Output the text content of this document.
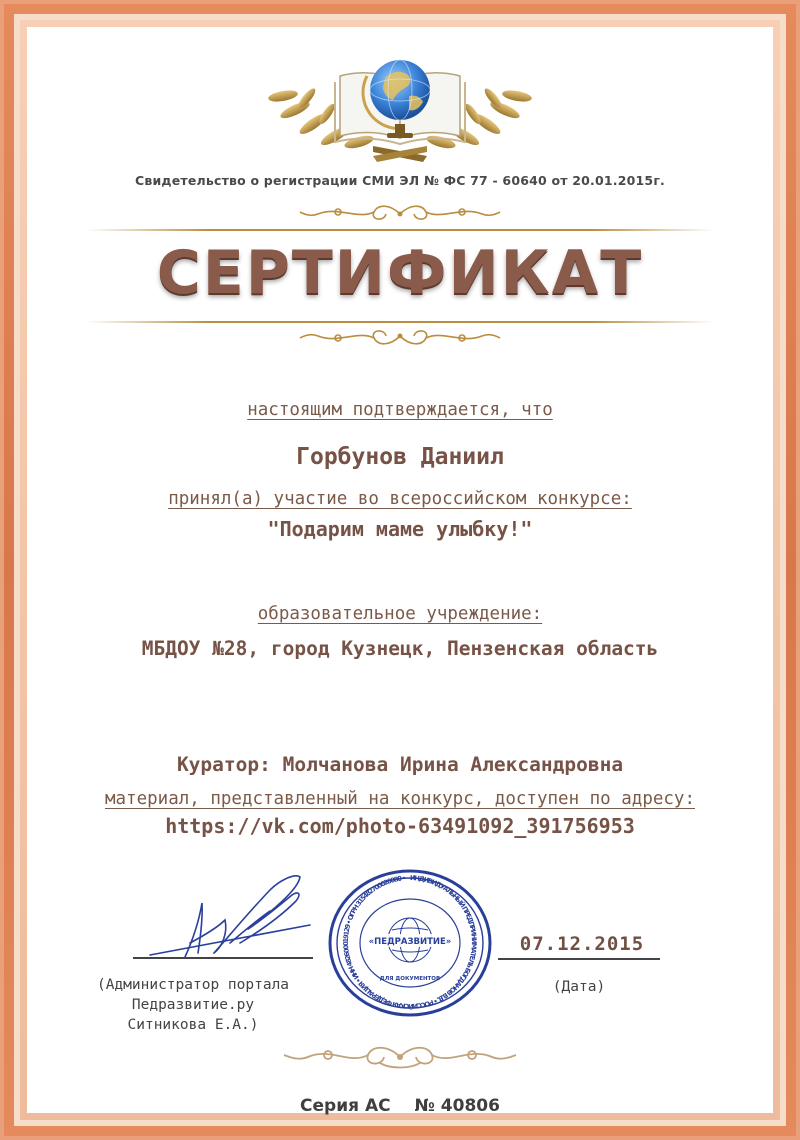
Свидетельство о регистрации СМИ ЭЛ № ФС 77 - 60640 от 20.01.2015г.
СЕРТИФИКАТ
настоящим подтверждается, что
Горбунов Даниил
принял(а) участие во всероссийском конкурсе:
"Подарим маме улыбку!"
образовательное учреждение:
МБДОУ №28, город Кузнецк, Пензенская область
Куратор: Молчанова Ирина Александровна
материал, представленный на конкурс, доступен по адресу:
https://vk.com/photo-63491092_391756953
(Администратор портала
Педразвитие.ру
Ситникова Е.А.)
ИНДИВИДУАЛЬНЫЙ ПРЕДПРИНИМАТЕЛЬ БОГДАНОВ В.В. • РОССИЙСКАЯ ФЕДЕРАЦИЯ • ИНН 482600019129 • ОГРН 315482700020080 •
«ПЕДРАЗВИТИЕ»
ДЛЯ ДОКУМЕНТОВ
07.12.2015
(Дата)
Серия АС № 40806
